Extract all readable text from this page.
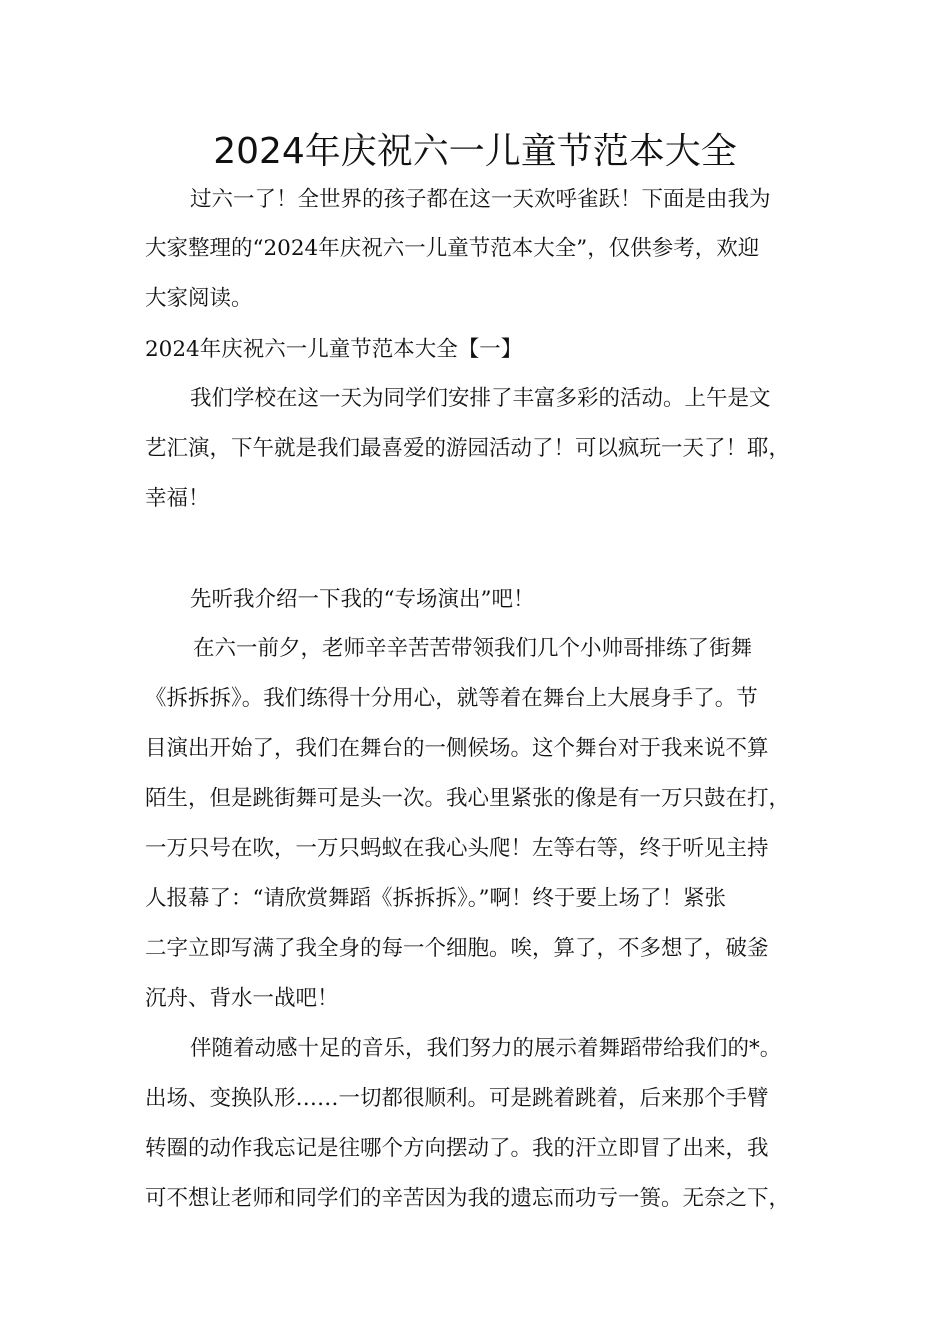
2024年庆祝六一儿童节范本大全
过六一了！全世界的孩子都在这一天欢呼雀跃！下面是由我为
大家整理的“2024年庆祝六一儿童节范本大全”，仅供参考，欢迎
大家阅读。
2024年庆祝六一儿童节范本大全【一】
我们学校在这一天为同学们安排了丰富多彩的活动。上午是文
艺汇演，下午就是我们最喜爱的游园活动了！可以疯玩一天了！耶，
幸福！
先听我介绍一下我的“专场演出”吧！
在六一前夕，老师辛辛苦苦带领我们几个小帅哥排练了街舞
《拆拆拆》。我们练得十分用心，就等着在舞台上大展身手了。节
目演出开始了，我们在舞台的一侧候场。这个舞台对于我来说不算
陌生，但是跳街舞可是头一次。我心里紧张的像是有一万只鼓在打，
一万只号在吹，一万只蚂蚁在我心头爬！左等右等，终于听见主持
人报幕了：“请欣赏舞蹈《拆拆拆》。”啊！终于要上场了！紧张
二字立即写满了我全身的每一个细胞。唉，算了，不多想了，破釜
沉舟、背水一战吧！
伴随着动感十足的音乐，我们努力的展示着舞蹈带给我们的*。
出场、变换队形……一切都很顺利。可是跳着跳着，后来那个手臂
转圈的动作我忘记是往哪个方向摆动了。我的汗立即冒了出来，我
可不想让老师和同学们的辛苦因为我的遗忘而功亏一篑。无奈之下，
